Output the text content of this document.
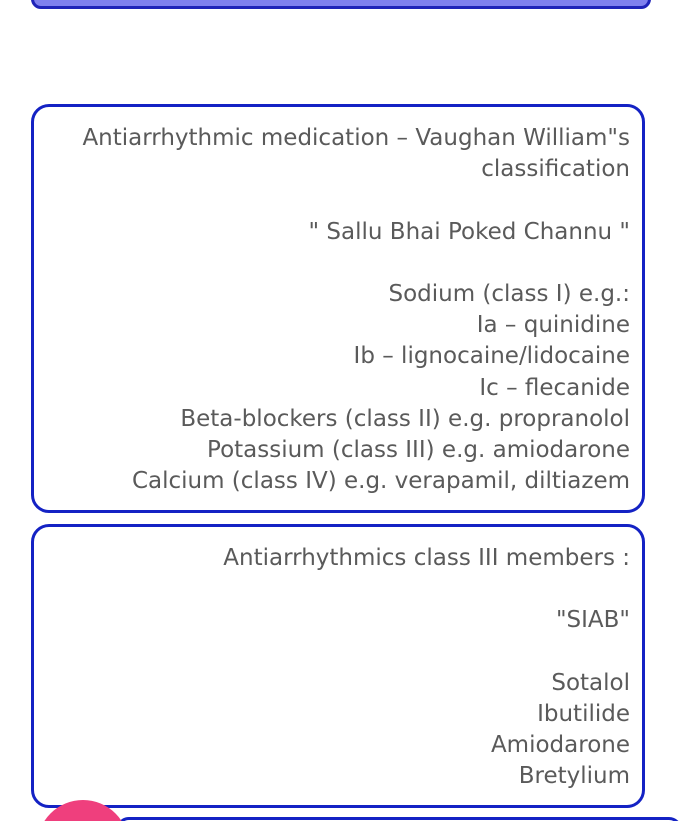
Antiarrhythmic medication – Vaughan William"s
classification
" Sallu Bhai Poked Channu "
Sodium (class I) e.g.:
Ia – quinidine
Ib – lignocaine/lidocaine
Ic – flecanide
Beta-blockers (class II) e.g. propranolol
Potassium (class III) e.g. amiodarone
Calcium (class IV) e.g. verapamil, diltiazem
Antiarrhythmics class III members :
"SIAB"
Sotalol
Ibutilide
Amiodarone
Bretylium
